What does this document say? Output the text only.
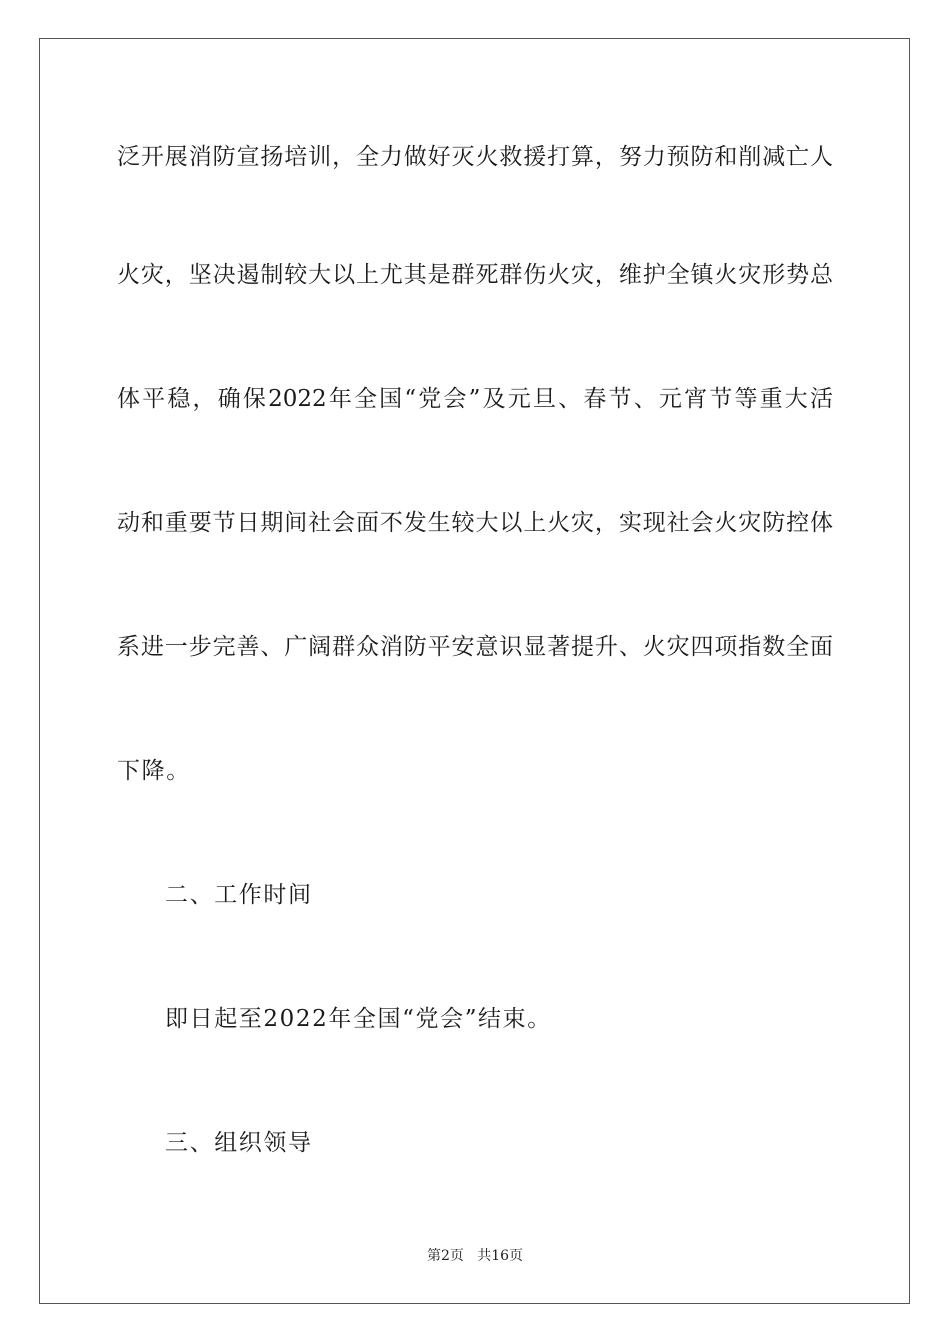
泛开展消防宣扬培训，全力做好灭火救援打算，努力预防和削减亡人
火灾，坚决遏制较大以上尤其是群死群伤火灾，维护全镇火灾形势总
体平稳，确保2022年全国“党会”及元旦、春节、元宵节等重大活
动和重要节日期间社会面不发生较大以上火灾，实现社会火灾防控体
系进一步完善、广阔群众消防平安意识显著提升、火灾四项指数全面
下降。
二、工作时间
即日起至2022年全国“党会”结束。
三、组织领导
第2页   共16页
